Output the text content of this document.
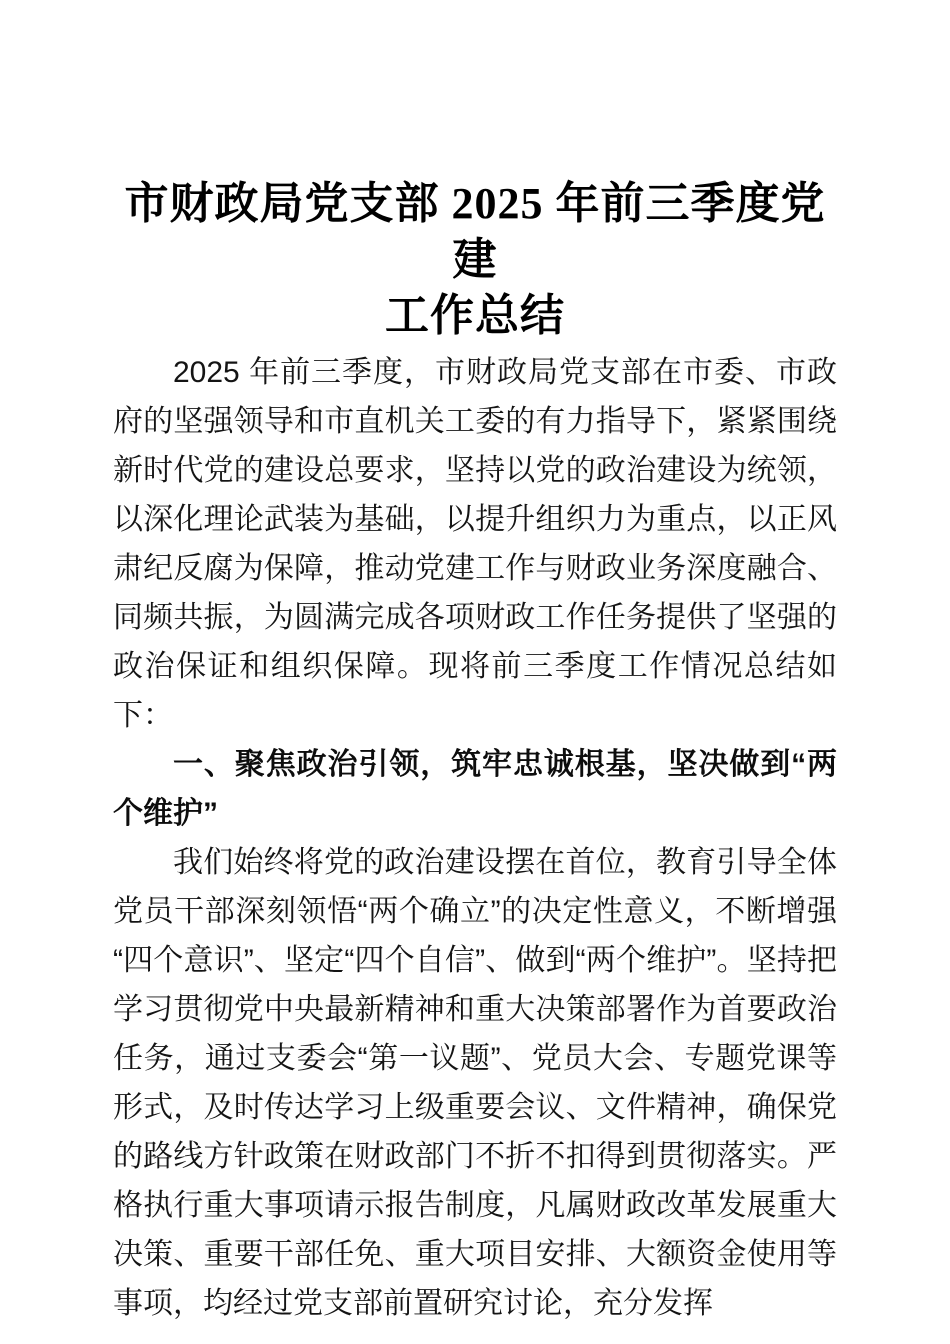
市财政局党支部 2025 年前三季度党建
工作总结

2025 年前三季度，市财政局党支部在市委、市政府的坚强领导和市直机关工委的有力指导下，紧紧围绕新时代党的建设总要求，坚持以党的政治建设为统领，以深化理论武装为基础，以提升组织力为重点，以正风肃纪反腐为保障，推动党建工作与财政业务深度融合、同频共振，为圆满完成各项财政工作任务提供了坚强的政治保证和组织保障。现将前三季度工作情况总结如下：

一、聚焦政治引领，筑牢忠诚根基，坚决做到“两个维护”

我们始终将党的政治建设摆在首位，教育引导全体党员干部深刻领悟“两个确立”的决定性意义，不断增强“四个意识”、坚定“四个自信”、做到“两个维护”。坚持把学习贯彻党中央最新精神和重大决策部署作为首要政治任务，通过支委会“第一议题”、党员大会、专题党课等形式，及时传达学习上级重要会议、文件精神，确保党的路线方针政策在财政部门不折不扣得到贯彻落实。严格执行重大事项请示报告制度，凡属财政改革发展重大决策、重要干部任免、重大项目安排、大额资金使用等事项，均经过党支部前置研究讨论，充分发挥
